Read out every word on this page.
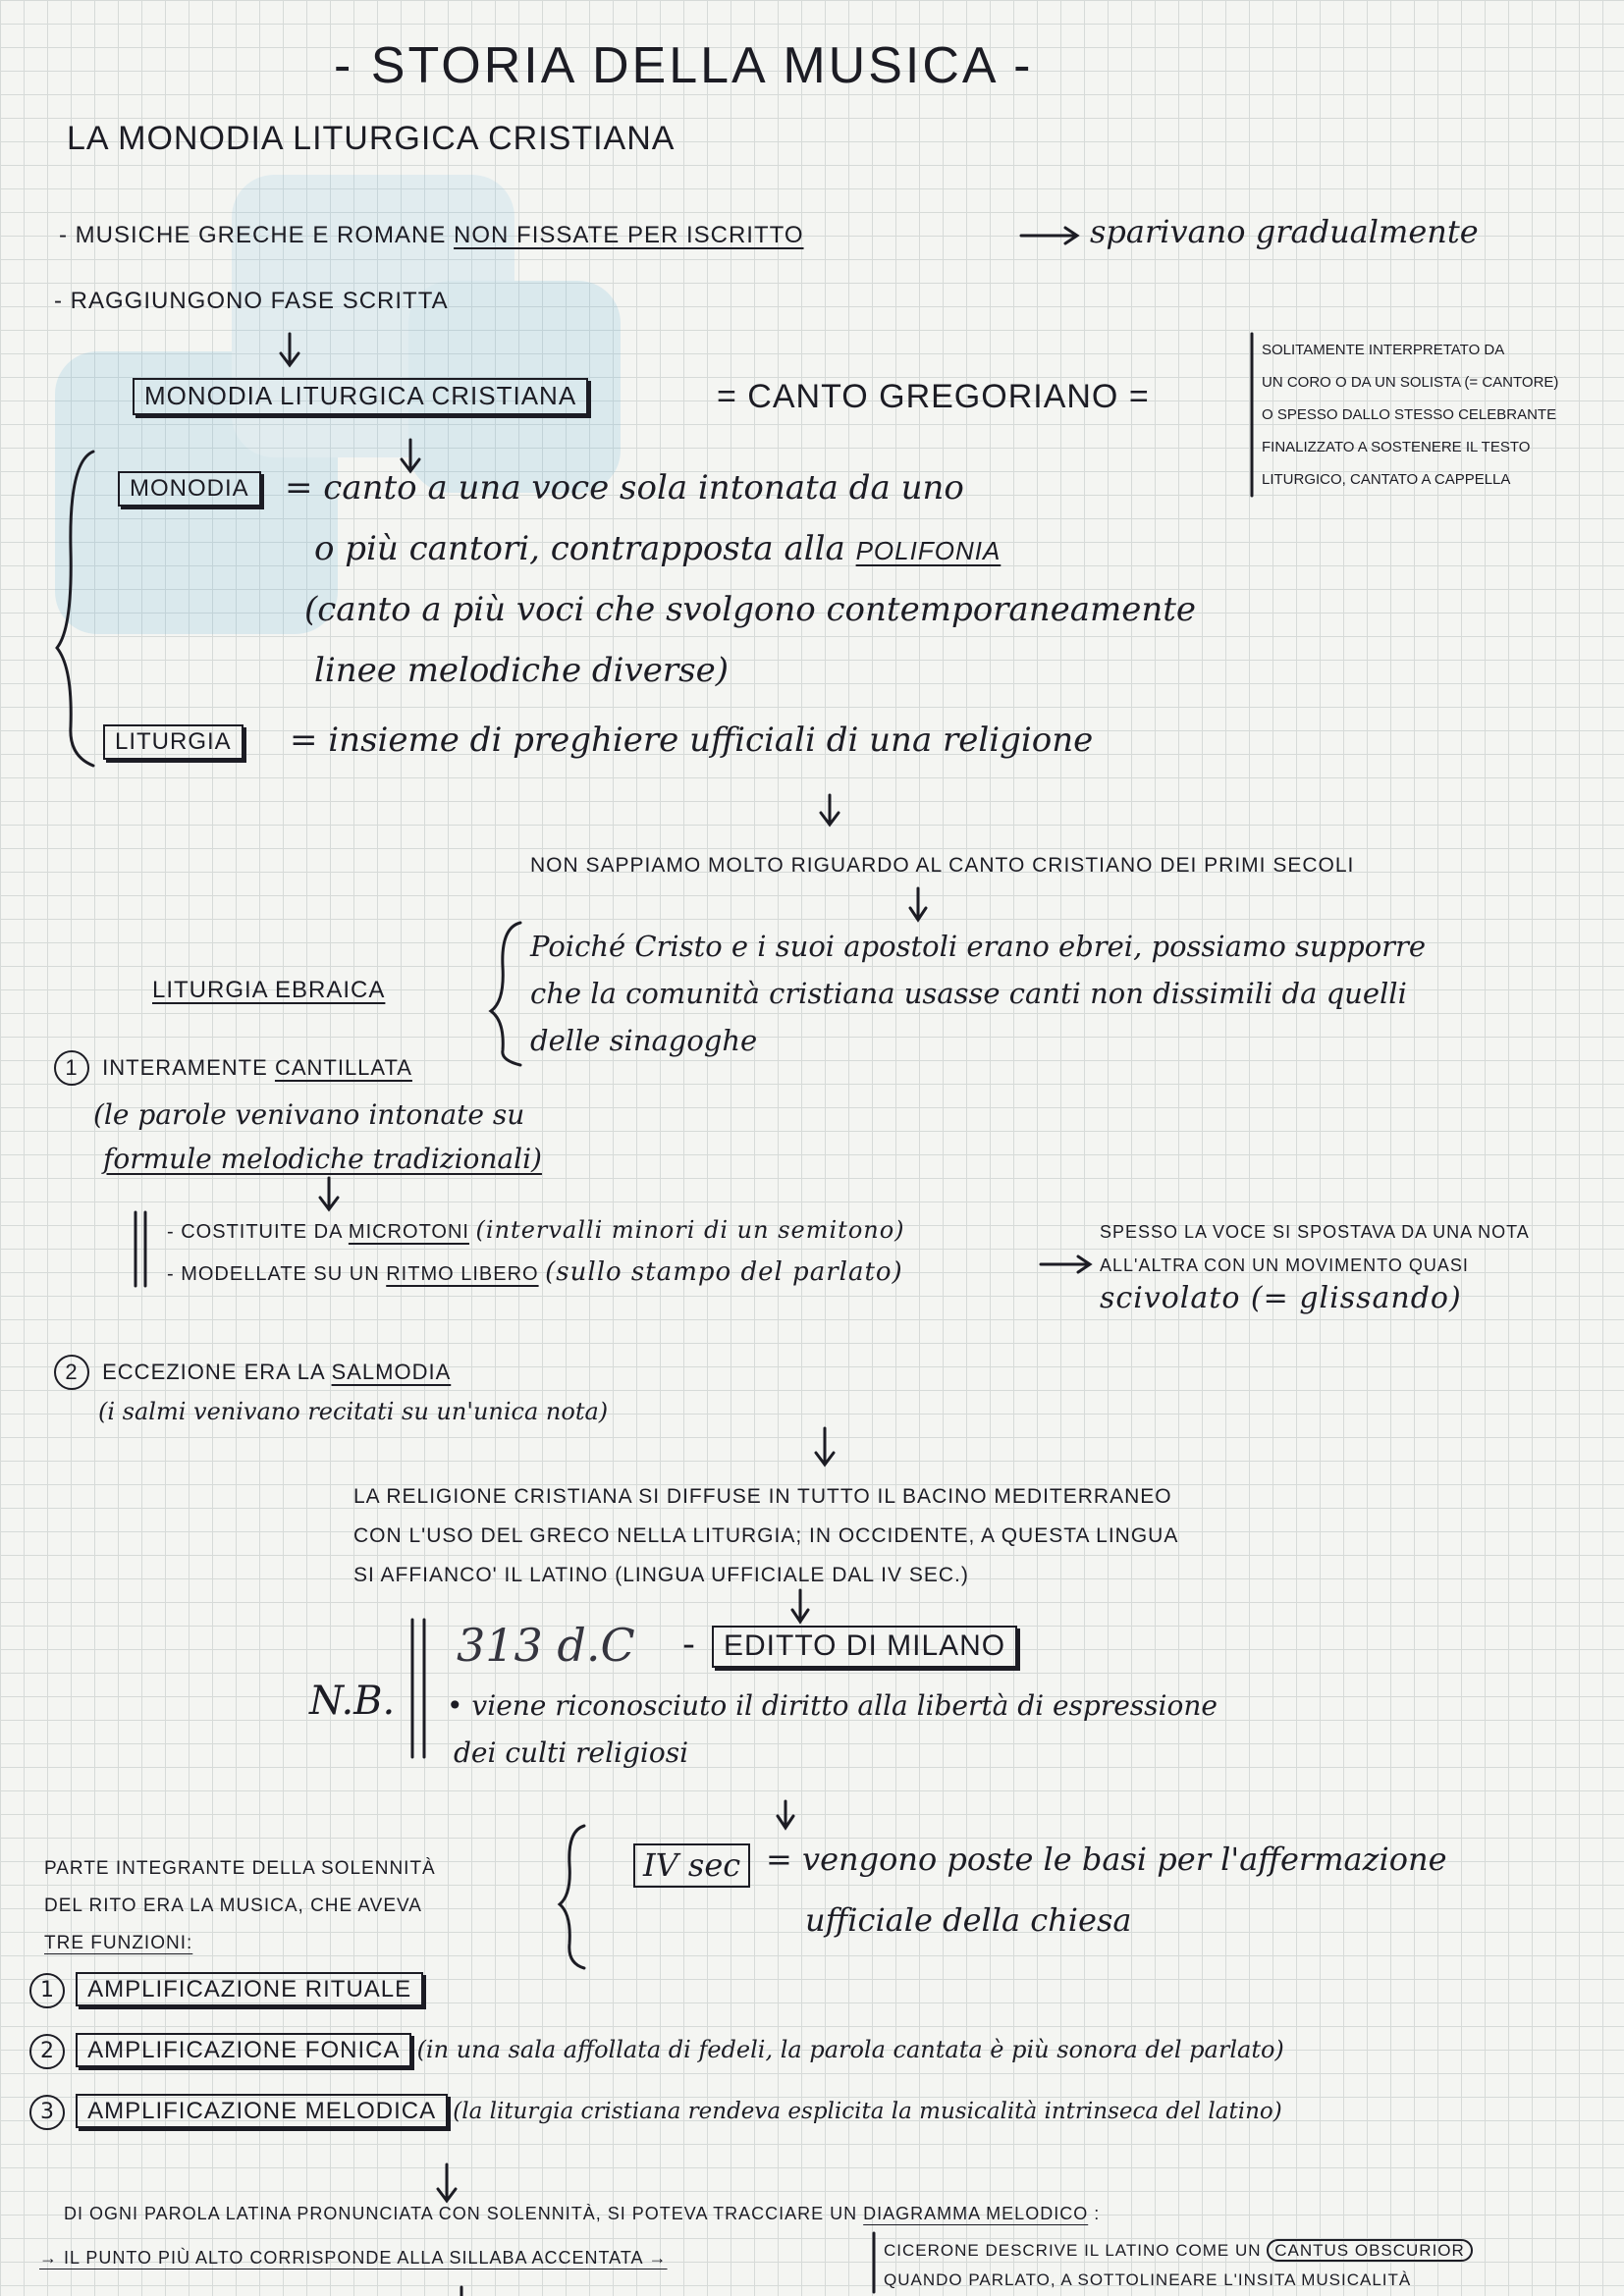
- STORIA DELLA MUSICA -
LA MONODIA LITURGICA CRISTIANA
- MUSICHE GRECHE E ROMANE NON FISSATE PER ISCRITTO	sparivano gradualmente
- RAGGIUNGONO FASE SCRITTA
MONODIA LITURGICA CRISTIANA	= CANTO GREGORIANO =
SOLITAMENTE INTERPRETATO DA
UN CORO O DA UN SOLISTA (= CANTORE)
O SPESSO DALLO STESSO CELEBRANTE
FINALIZZATO A SOSTENERE IL TESTO
LITURGICO, CANTATO A CAPPELLA
MONODIA	= canto a una voce sola intonata da uno
o più cantori, contrapposta alla POLIFONIA
(canto a più voci che svolgono contemporaneamente
linee melodiche diverse)
LITURGIA	= insieme di preghiere ufficiali di una religione
NON SAPPIAMO MOLTO RIGUARDO AL CANTO CRISTIANO DEI PRIMI SECOLI
Poiché Cristo e i suoi apostoli erano ebrei, possiamo supporre
che la comunità cristiana usasse canti non dissimili da quelli
delle sinagoghe
LITURGIA EBRAICA
1 INTERAMENTE CANTILLATA
(le parole venivano intonate su
formule melodiche tradizionali)
- COSTITUITE DA MICROTONI (intervalli minori di un semitono)
- MODELLATE SU UN RITMO LIBERO (sullo stampo del parlato)
SPESSO LA VOCE SI SPOSTAVA DA UNA NOTA
ALL'ALTRA CON UN MOVIMENTO QUASI
scivolato (= glissando)
2 ECCEZIONE ERA LA SALMODIA
(i salmi venivano recitati su un'unica nota)
LA RELIGIONE CRISTIANA SI DIFFUSE IN TUTTO IL BACINO MEDITERRANEO
CON L'USO DEL GRECO NELLA LITURGIA; IN OCCIDENTE, A QUESTA LINGUA
SI AFFIANCO' IL LATINO (LINGUA UFFICIALE DAL IV SEC.)
N.B.
313 d.C - EDITTO DI MILANO
• viene riconosciuto il diritto alla libertà di espressione
dei culti religiosi
PARTE INTEGRANTE DELLA SOLENNITÀ
DEL RITO ERA LA MUSICA, CHE AVEVA
TRE FUNZIONI:
IV sec = vengono poste le basi per l'affermazione
ufficiale della chiesa
1 AMPLIFICAZIONE RITUALE
2 AMPLIFICAZIONE FONICA (in una sala affollata di fedeli, la parola cantata è più sonora del parlato)
3 AMPLIFICAZIONE MELODICA (la liturgia cristiana rendeva esplicita la musicalità intrinseca del latino)
DI OGNI PAROLA LATINA PRONUNCIATA CON SOLENNITÀ, SI POTEVA TRACCIARE UN DIAGRAMMA MELODICO :
→ IL PUNTO PIÙ ALTO CORRISPONDE ALLA SILLABA ACCENTATA →	CICERONE DESCRIVE IL LATINO COME UN CANTUS OBSCURIOR
QUANDO PARLATO, A SOTTOLINEARE L'INSITA MUSICALITÀ
